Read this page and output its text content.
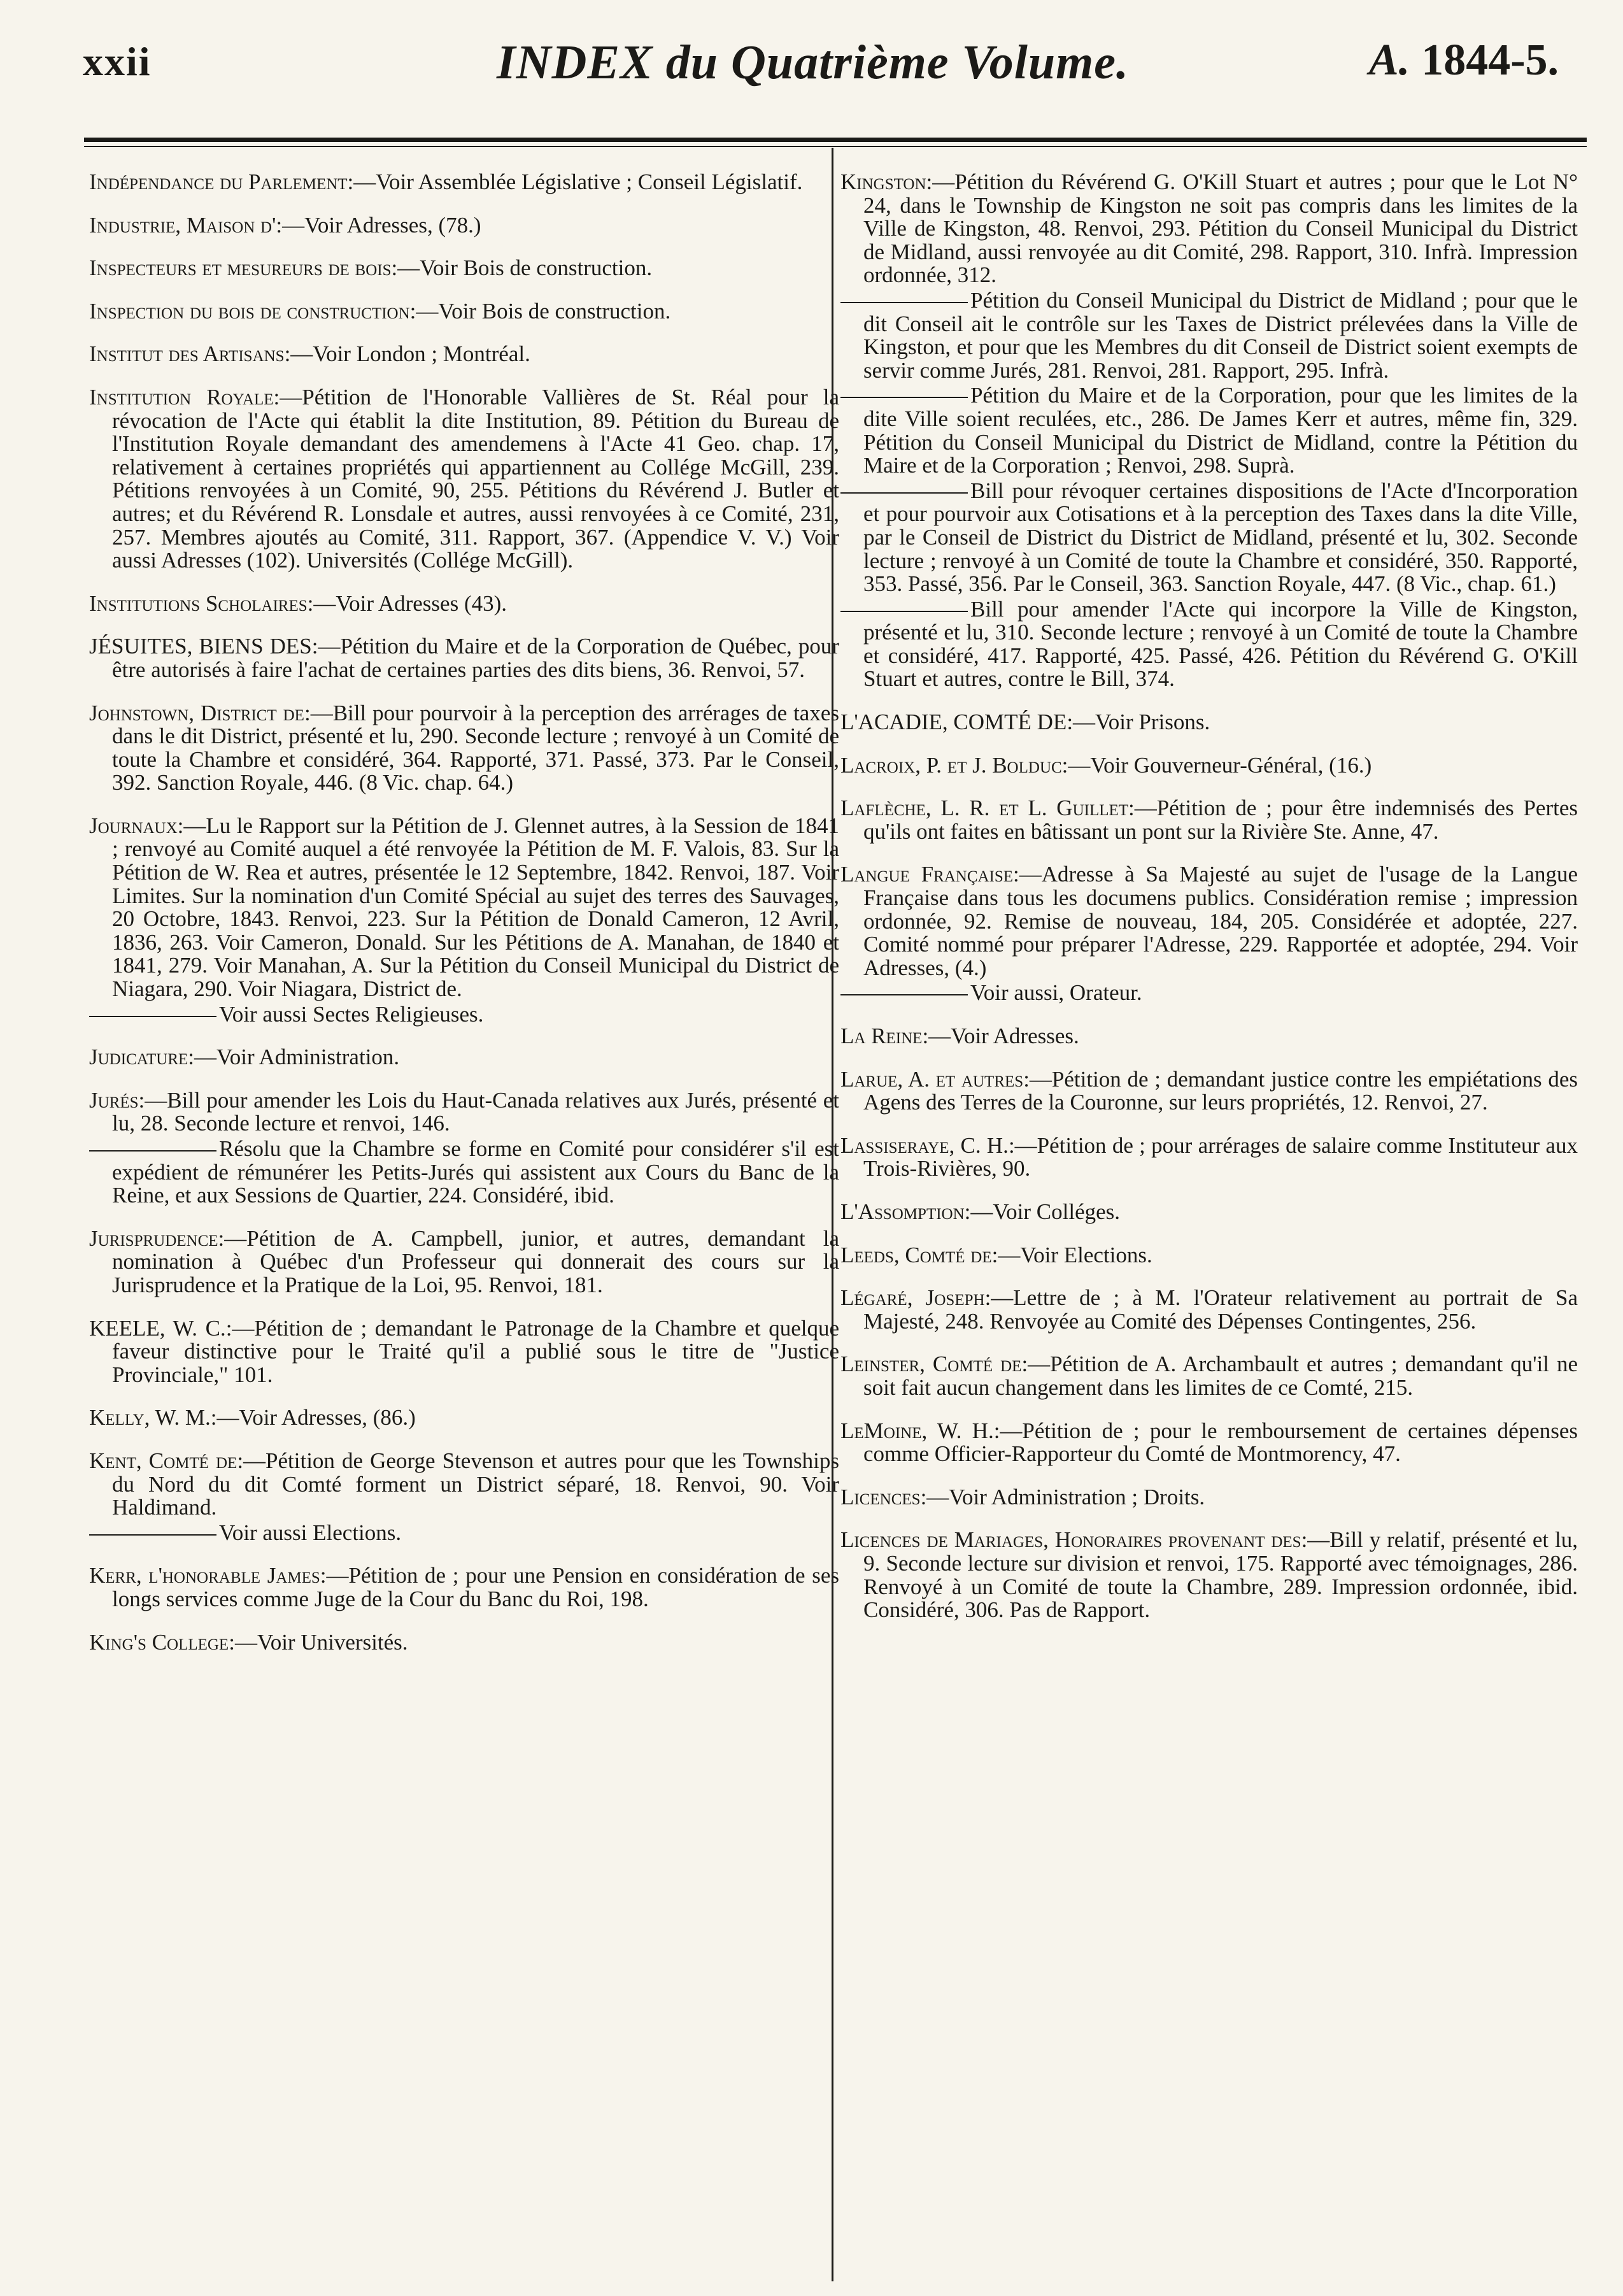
xxii	INDEX du Quatrième Volume.	A. 1844-5.

Indépendance du Parlement:—Voir Assemblée Législative ; Conseil Législatif.

Industrie, Maison d':—Voir Adresses, (78.)

Inspecteurs et mesureurs de bois:—Voir Bois de construction.

Inspection du bois de construction:—Voir Bois de construction.

Institut des Artisans:—Voir London ; Montréal.

Institution Royale:—Pétition de l'Honorable Vallières de St. Réal pour la révocation de l'Acte qui établit la dite Institution, 89. Pétition du Bureau de l'Institution Royale demandant des amendemens à l'Acte 41 Geo. chap. 17, relativement à certaines propriétés qui appartiennent au Collége McGill, 239. Pétitions renvoyées à un Comité, 90, 255. Pétitions du Révérend J. Butler et autres; et du Révérend R. Lonsdale et autres, aussi renvoyées à ce Comité, 231, 257. Membres ajoutés au Comité, 311. Rapport, 367. (Appendice V. V.) Voir aussi Adresses (102). Universités (Collége McGill).

Institutions Scholaires:—Voir Adresses (43).

JÉSUITES, BIENS DES:—Pétition du Maire et de la Corporation de Québec, pour être autorisés à faire l'achat de certaines parties des dits biens, 36. Renvoi, 57.

Johnstown, District de:—Bill pour pourvoir à la perception des arrérages de taxes dans le dit District, présenté et lu, 290. Seconde lecture ; renvoyé à un Comité de toute la Chambre et considéré, 364. Rapporté, 371. Passé, 373. Par le Conseil, 392. Sanction Royale, 446. (8 Vic. chap. 64.)

Journaux:—Lu le Rapport sur la Pétition de J. Glennet autres, à la Session de 1841 ; renvoyé au Comité auquel a été renvoyée la Pétition de M. F. Valois, 83. Sur la Pétition de W. Rea et autres, présentée le 12 Septembre, 1842. Renvoi, 187. Voir Limites. Sur la nomination d'un Comité Spécial au sujet des terres des Sauvages, 20 Octobre, 1843. Renvoi, 223. Sur la Pétition de Donald Cameron, 12 Avril, 1836, 263. Voir Cameron, Donald. Sur les Pétitions de A. Manahan, de 1840 et 1841, 279. Voir Manahan, A. Sur la Pétition du Conseil Municipal du District de Niagara, 290. Voir Niagara, District de.

Voir aussi Sectes Religieuses.

Judicature:—Voir Administration.

Jurés:—Bill pour amender les Lois du Haut-Canada relatives aux Jurés, présenté et lu, 28. Seconde lecture et renvoi, 146.

Résolu que la Chambre se forme en Comité pour considérer s'il est expédient de rémunérer les Petits-Jurés qui assistent aux Cours du Banc de la Reine, et aux Sessions de Quartier, 224. Considéré, ibid.

Jurisprudence:—Pétition de A. Campbell, junior, et autres, demandant la nomination à Québec d'un Professeur qui donnerait des cours sur la Jurisprudence et la Pratique de la Loi, 95. Renvoi, 181.

KEELE, W. C.:—Pétition de ; demandant le Patronage de la Chambre et quelque faveur distinctive pour le Traité qu'il a publié sous le titre de "Justice Provinciale," 101.

Kelly, W. M.:—Voir Adresses, (86.)

Kent, Comté de:—Pétition de George Stevenson et autres pour que les Townships du Nord du dit Comté forment un District séparé, 18. Renvoi, 90. Voir Haldimand.

Voir aussi Elections.

Kerr, l'honorable James:—Pétition de ; pour une Pension en considération de ses longs services comme Juge de la Cour du Banc du Roi, 198.

King's College:—Voir Universités.

Kingston:—Pétition du Révérend G. O'Kill Stuart et autres ; pour que le Lot N° 24, dans le Township de Kingston ne soit pas compris dans les limites de la Ville de Kingston, 48. Renvoi, 293. Pétition du Conseil Municipal du District de Midland, aussi renvoyée au dit Comité, 298. Rapport, 310. Infrà. Impression ordonnée, 312.

Pétition du Conseil Municipal du District de Midland ; pour que le dit Conseil ait le contrôle sur les Taxes de District prélevées dans la Ville de Kingston, et pour que les Membres du dit Conseil de District soient exempts de servir comme Jurés, 281. Renvoi, 281. Rapport, 295. Infrà.

Pétition du Maire et de la Corporation, pour que les limites de la dite Ville soient reculées, etc., 286. De James Kerr et autres, même fin, 329. Pétition du Conseil Municipal du District de Midland, contre la Pétition du Maire et de la Corporation ; Renvoi, 298. Suprà.

Bill pour révoquer certaines dispositions de l'Acte d'Incorporation et pour pourvoir aux Cotisations et à la perception des Taxes dans la dite Ville, par le Conseil de District du District de Midland, présenté et lu, 302. Seconde lecture ; renvoyé à un Comité de toute la Chambre et considéré, 350. Rapporté, 353. Passé, 356. Par le Conseil, 363. Sanction Royale, 447. (8 Vic., chap. 61.)

Bill pour amender l'Acte qui incorpore la Ville de Kingston, présenté et lu, 310. Seconde lecture ; renvoyé à un Comité de toute la Chambre et considéré, 417. Rapporté, 425. Passé, 426. Pétition du Révérend G. O'Kill Stuart et autres, contre le Bill, 374.

L'ACADIE, COMTÉ DE:—Voir Prisons.

Lacroix, P. et J. Bolduc:—Voir Gouverneur-Général, (16.)

Laflèche, L. R. et L. Guillet:—Pétition de ; pour être indemnisés des Pertes qu'ils ont faites en bâtissant un pont sur la Rivière Ste. Anne, 47.

Langue Française:—Adresse à Sa Majesté au sujet de l'usage de la Langue Française dans tous les documens publics. Considération remise ; impression ordonnée, 92. Remise de nouveau, 184, 205. Considérée et adoptée, 227. Comité nommé pour préparer l'Adresse, 229. Rapportée et adoptée, 294. Voir Adresses, (4.)

Voir aussi, Orateur.

La Reine:—Voir Adresses.

Larue, A. et autres:—Pétition de ; demandant justice contre les empiétations des Agens des Terres de la Couronne, sur leurs propriétés, 12. Renvoi, 27.

Lassiseraye, C. H.:—Pétition de ; pour arrérages de salaire comme Instituteur aux Trois-Rivières, 90.

L'Assomption:—Voir Colléges.

Leeds, Comté de:—Voir Elections.

Légaré, Joseph:—Lettre de ; à M. l'Orateur relativement au portrait de Sa Majesté, 248. Renvoyée au Comité des Dépenses Contingentes, 256.

Leinster, Comté de:—Pétition de A. Archambault et autres ; demandant qu'il ne soit fait aucun changement dans les limites de ce Comté, 215.

LeMoine, W. H.:—Pétition de ; pour le remboursement de certaines dépenses comme Officier-Rapporteur du Comté de Montmorency, 47.

Licences:—Voir Administration ; Droits.

Licences de Mariages, Honoraires provenant des:—Bill y relatif, présenté et lu, 9. Seconde lecture sur division et renvoi, 175. Rapporté avec témoignages, 286. Renvoyé à un Comité de toute la Chambre, 289. Impression ordonnée, ibid. Considéré, 306. Pas de Rapport.
